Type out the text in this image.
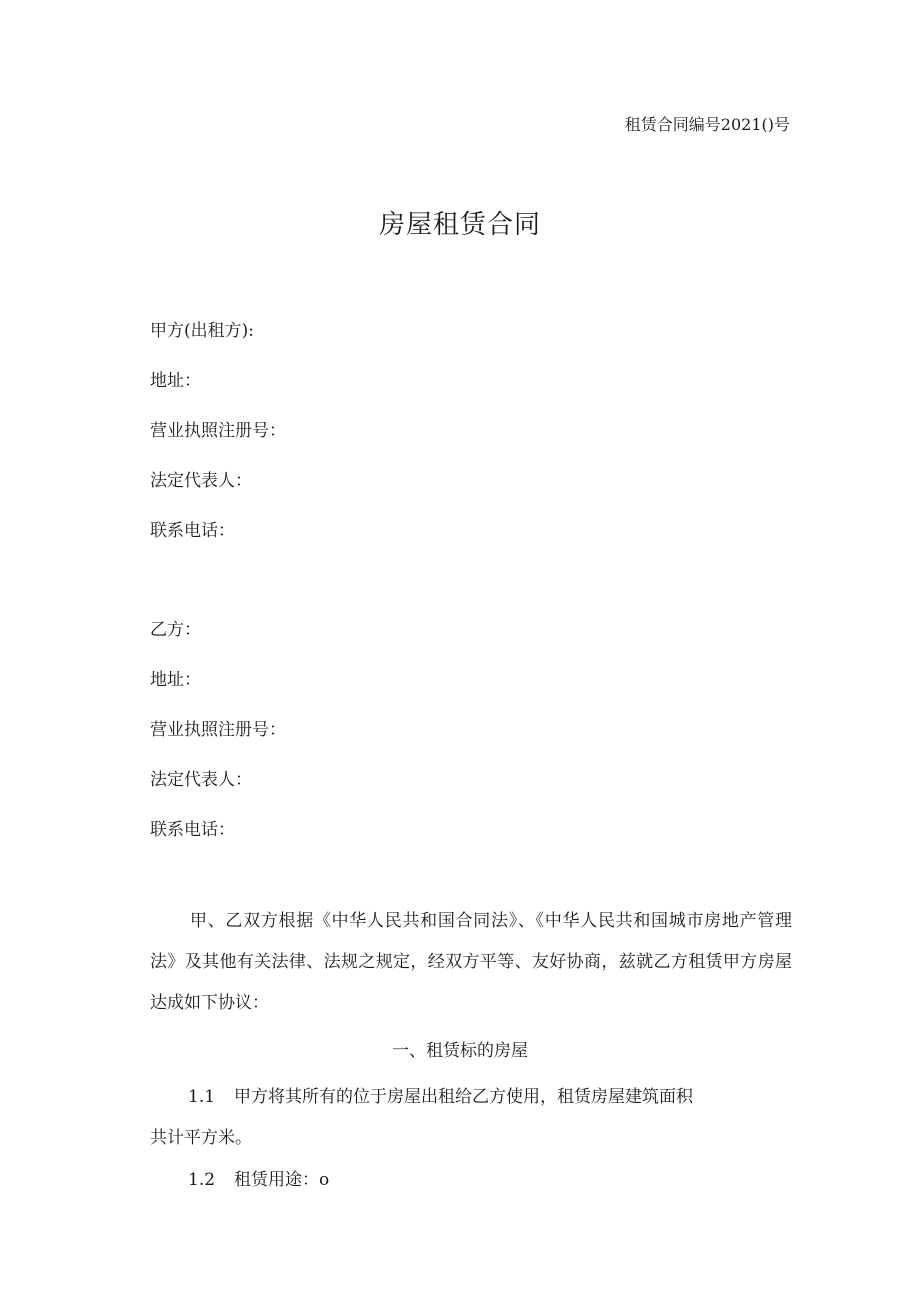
租赁合同编号2021()号
房屋租赁合同
甲方(出租方):
地址：
营业执照注册号：
法定代表人：
联系电话：
乙方：
地址：
营业执照注册号：
法定代表人：
联系电话：
甲、乙双方根据《中华人民共和国合同法》、《中华人民共和国城市房地产管理法》及其他有关法律、法规之规定，经双方平等、友好协商，兹就乙方租赁甲方房屋达成如下协议：
一、租赁标的房屋
1.1 甲方将其所有的位于房屋出租给乙方使用，租赁房屋建筑面积
共计平方米。
1.2 租赁用途：o
